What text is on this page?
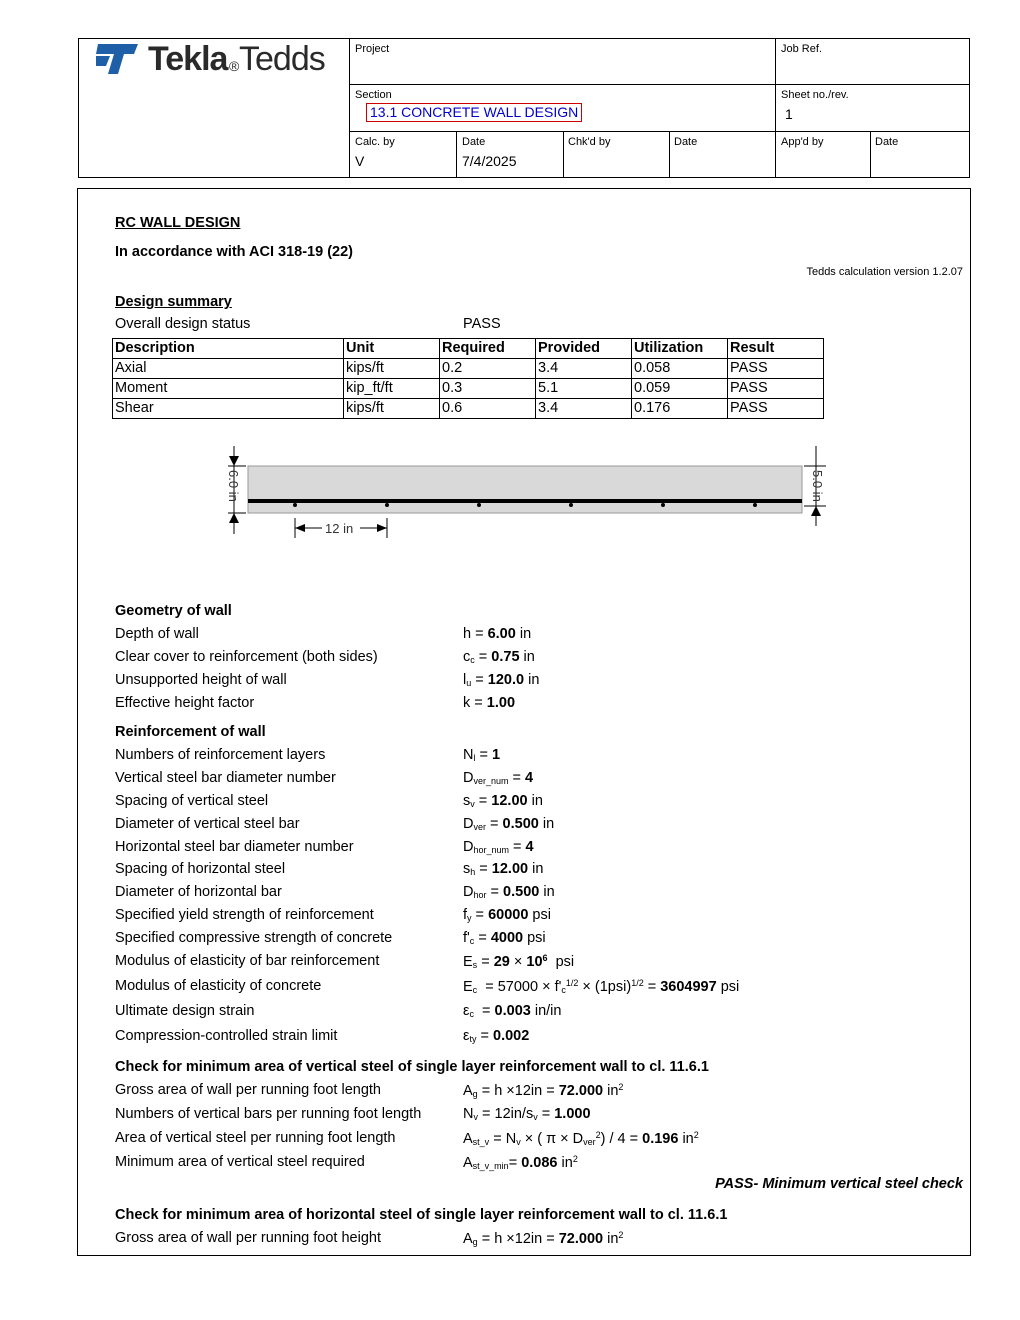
Tekla ® Tedds	Project	Job Ref.
Section
13.1 CONCRETE WALL DESIGN
Sheet no./rev.
1
Calc. by
V
Date
7/4/2025
Chk'd by	Date	App'd by	Date
RC WALL DESIGN
In accordance with ACI 318-19 (22)
Tedds calculation version 1.2.07
Design summary
Overall design status	PASS
Description	Unit	Required	Provided	Utilization	Result
Axial	kips/ft	0.2	3.4	0.058	PASS
Moment	kip_ft/ft	0.3	5.1	0.059	PASS
Shear	kips/ft	0.6	3.4	0.176	PASS
6.0 in	5.0 in
12 in
Geometry of wall
Depth of wall	h = 6.00 in
Clear cover to reinforcement (both sides)	$c_c = 0.75$ in
Unsupported height of wall	$l_u = 120.0$ in
Effective height factor	k = 1.00
Reinforcement of wall
Numbers of reinforcement layers	$N_l = 1$
Vertical steel bar diameter number	$D_{ver\_num} = 4$
Spacing of vertical steel	$s_v = 12.00$ in
Diameter of vertical steel bar	$D_{ver} = 0.500$ in
Horizontal steel bar diameter number	$D_{hor\_num} = 4$
Spacing of horizontal steel	$s_h = 12.00$ in
Diameter of horizontal bar	$D_{hor} = 0.500$ in
Specified yield strength of reinforcement	$f_y = 60000$ psi
Specified compressive strength of concrete	$f'_c = 4000$ psi
Modulus of elasticity of bar reinforcement	$E_s = 29 \times 10^6$  psi
Modulus of elasticity of concrete	$E_c = 57000 \times f'_c^{1/2} \times (1psi)^{1/2} = 3604997$ psi
Ultimate design strain	$\varepsilon_c = 0.003$ in/in
Compression-controlled strain limit	$\varepsilon_{ty} = 0.002$
Check for minimum area of vertical steel of single layer reinforcement wall to cl. 11.6.1
Gross area of wall per running foot length	$A_g = h \times 12in = 72.000$ $in^2$
Numbers of vertical bars per running foot length	$N_v = 12in/s_v = 1.000$
Area of vertical steel per running foot length	$A_{st\_v} = N_v$ × ( $\pi \times D_{ver}^2) / 4 = 0.196$ $in^2$
Minimum area of vertical steel required	$A_{st\_v\_min}= 0.086$ $in^2$
PASS- Minimum vertical steel check
Check for minimum area of horizontal steel of single layer reinforcement wall to cl. 11.6.1
Gross area of wall per running foot height	$A_g = h \times 12in = 72.000$ $in^2$
